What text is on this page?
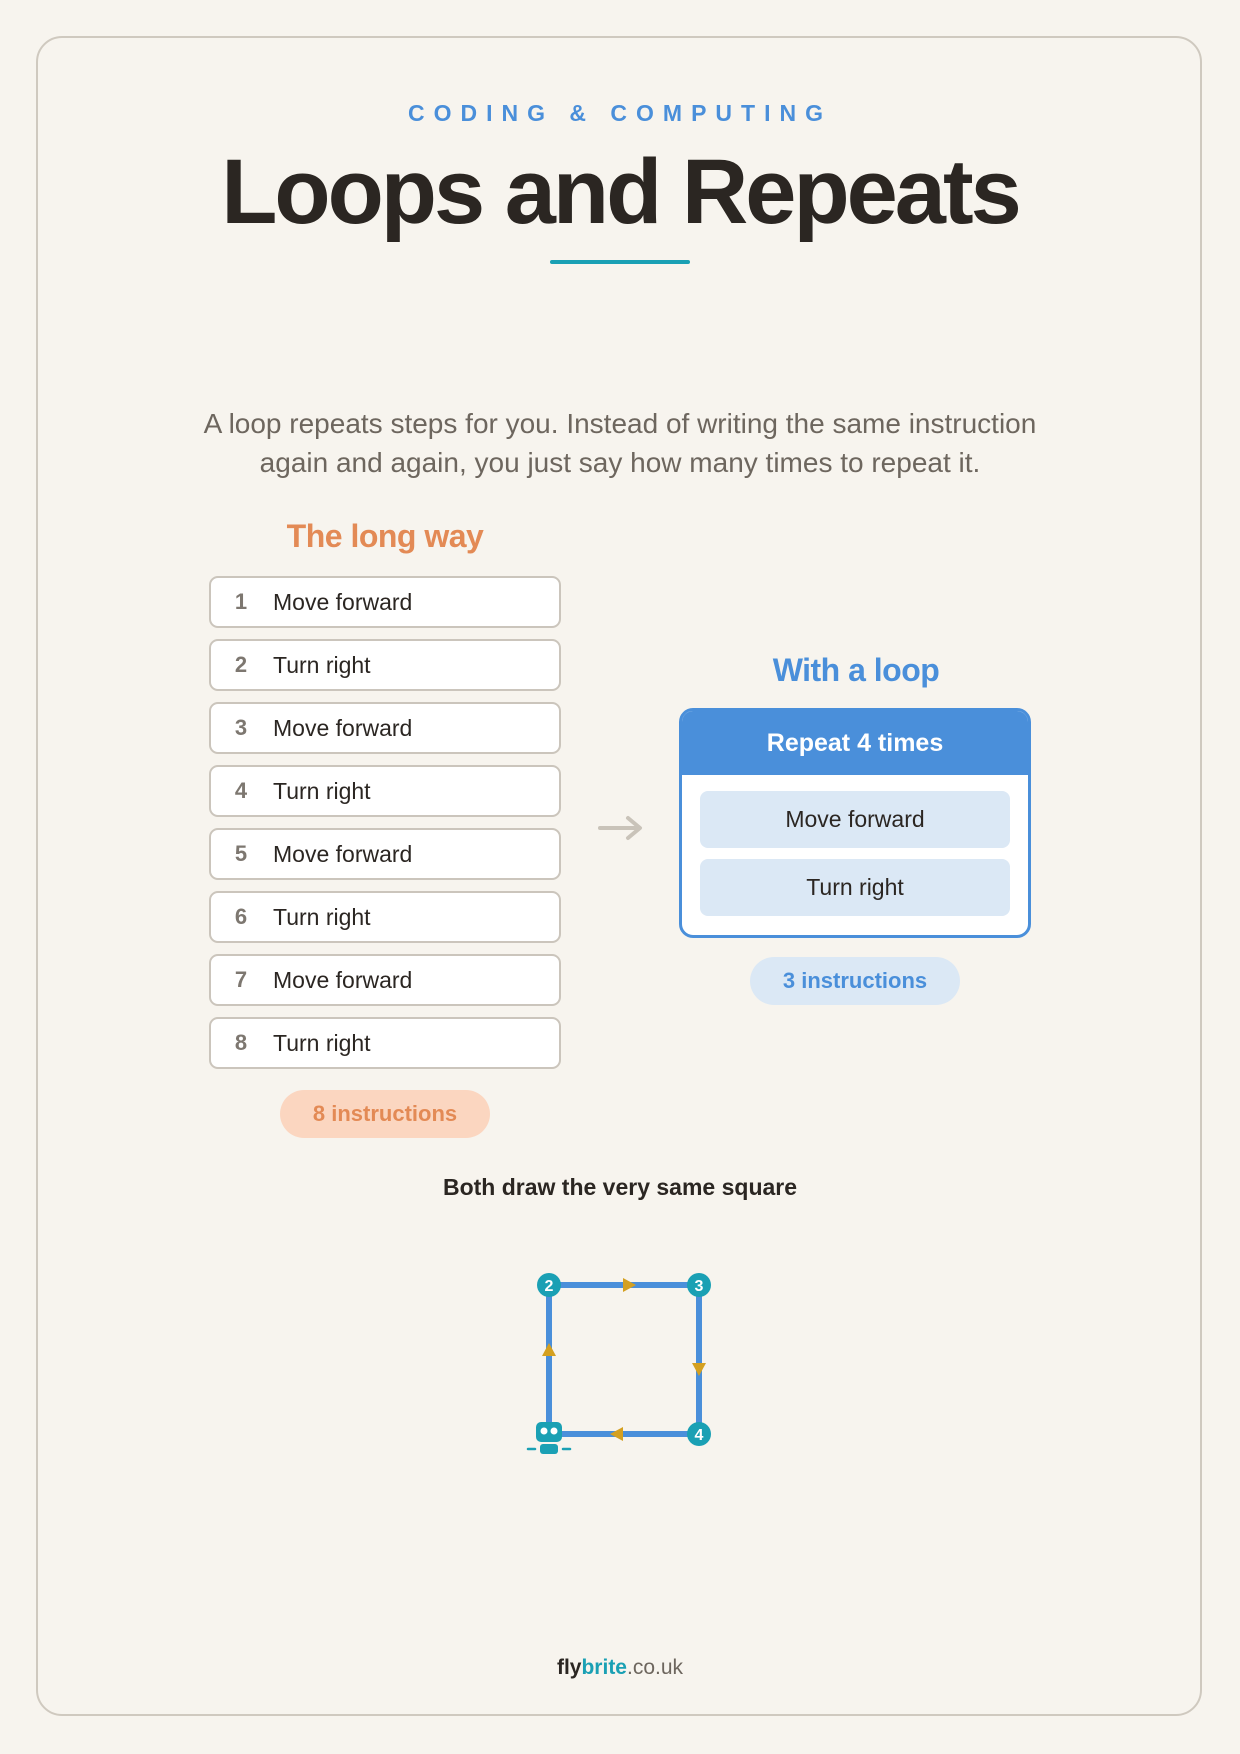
CODING & COMPUTING
Loops and Repeats
A loop repeats steps for you. Instead of writing the same instruction
again and again, you just say how many times to repeat it.
The long way
1	Move forward
2	Turn right
3	Move forward
4	Turn right
5	Move forward
6	Turn right
7	Move forward
8	Turn right
8 instructions
With a loop
Repeat 4 times
Move forward
Turn right
3 instructions
Both draw the very same square
2	3
4
flybrite.co.uk
